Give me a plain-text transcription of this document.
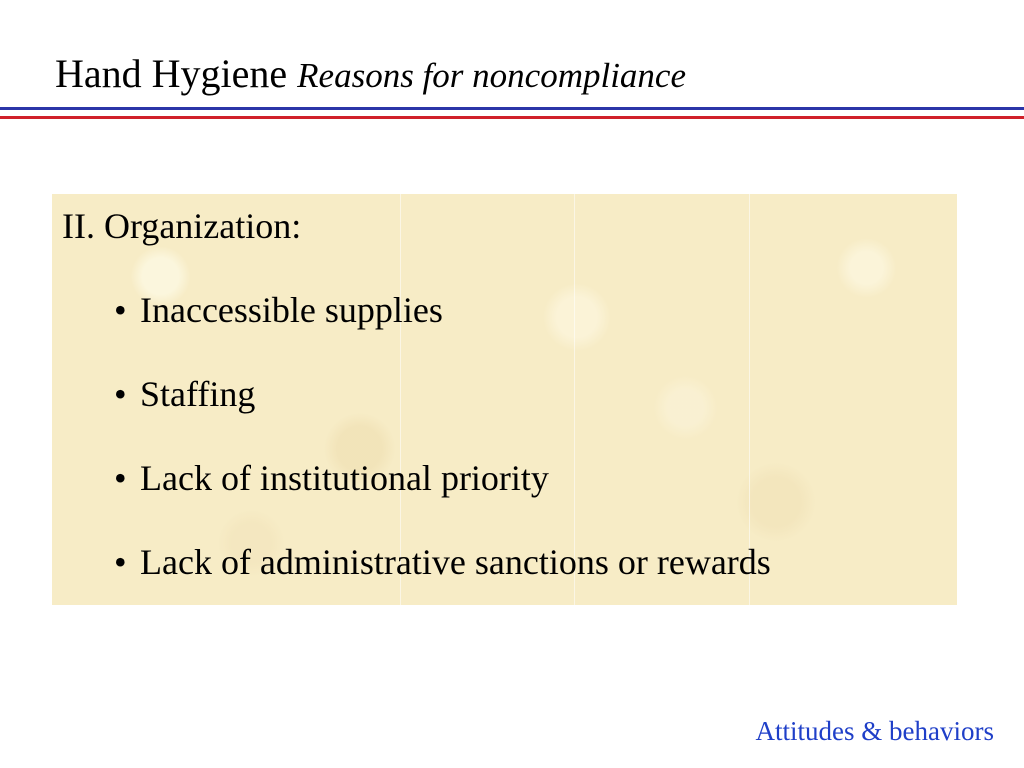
Hand Hygiene Reasons for noncompliance
II. Organization:
• Inaccessible supplies
• Staffing
• Lack of institutional priority
• Lack of administrative sanctions or rewards
Attitudes & behaviors
